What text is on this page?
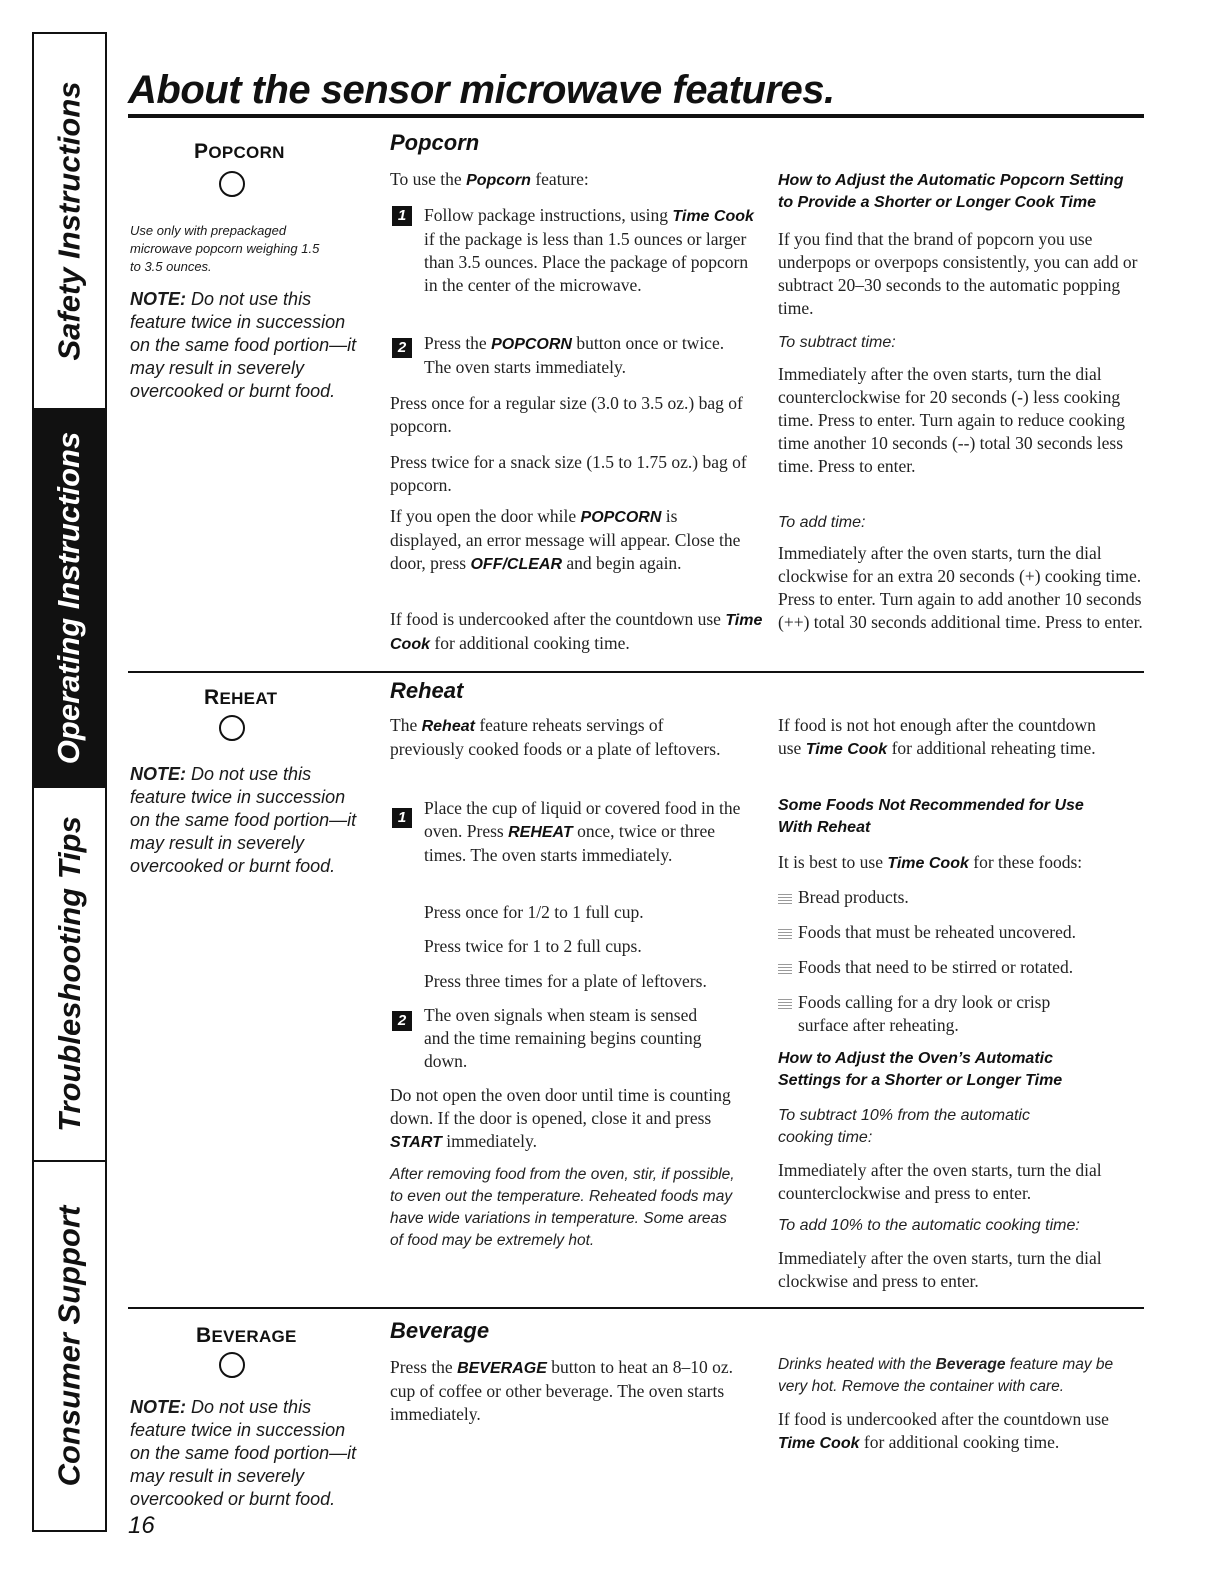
Safety Instructions
Operating Instructions
Troubleshooting Tips
Consumer Support
About the sensor microwave features.
POPCORN
Use only with prepackaged microwave popcorn weighing 1.5 to 3.5 ounces.
NOTE: Do not use this feature twice in succession on the same food portion—it may result in severely overcooked or burnt food.
Popcorn
To use the Popcorn feature:
1	Follow package instructions, using Time Cook if the package is less than 1.5 ounces or larger than 3.5 ounces. Place the package of popcorn in the center of the microwave.
2	Press the POPCORN button once or twice. The oven starts immediately.
Press once for a regular size (3.0 to 3.5 oz.) bag of popcorn.
Press twice for a snack size (1.5 to 1.75 oz.) bag of popcorn.
If you open the door while POPCORN is displayed, an error message will appear. Close the door, press OFF/CLEAR and begin again.
If food is undercooked after the countdown use Time Cook for additional cooking time.
How to Adjust the Automatic Popcorn Setting to Provide a Shorter or Longer Cook Time
If you find that the brand of popcorn you use underpops or overpops consistently, you can add or subtract 20–30 seconds to the automatic popping time.
To subtract time:
Immediately after the oven starts, turn the dial counterclockwise for 20 seconds (-) less cooking time. Press to enter. Turn again to reduce cooking time another 10 seconds (--) total 30 seconds less time. Press to enter.
To add time:
Immediately after the oven starts, turn the dial clockwise for an extra 20 seconds (+) cooking time. Press to enter. Turn again to add another 10 seconds (++) total 30 seconds additional time. Press to enter.
REHEAT
NOTE: Do not use this feature twice in succession on the same food portion—it may result in severely overcooked or burnt food.
Reheat
The Reheat feature reheats servings of previously cooked foods or a plate of leftovers.
1	Place the cup of liquid or covered food in the oven. Press REHEAT once, twice or three times. The oven starts immediately.
Press once for 1/2 to 1 full cup.
Press twice for 1 to 2 full cups.
Press three times for a plate of leftovers.
2	The oven signals when steam is sensed and the time remaining begins counting down.
Do not open the oven door until time is counting down. If the door is opened, close it and press START immediately.
After removing food from the oven, stir, if possible, to even out the temperature. Reheated foods may have wide variations in temperature. Some areas of food may be extremely hot.
If food is not hot enough after the countdown use Time Cook for additional reheating time.
Some Foods Not Recommended for Use With Reheat
It is best to use Time Cook for these foods:
Bread products.
Foods that must be reheated uncovered.
Foods that need to be stirred or rotated.
Foods calling for a dry look or crisp surface after reheating.
How to Adjust the Oven’s Automatic Settings for a Shorter or Longer Time
To subtract 10% from the automatic cooking time:
Immediately after the oven starts, turn the dial counterclockwise and press to enter.
To add 10% to the automatic cooking time:
Immediately after the oven starts, turn the dial clockwise and press to enter.
BEVERAGE
NOTE: Do not use this feature twice in succession on the same food portion—it may result in severely overcooked or burnt food.
Beverage
Press the BEVERAGE button to heat an 8–10 oz. cup of coffee or other beverage. The oven starts immediately.
Drinks heated with the Beverage feature may be very hot. Remove the container with care.
If food is undercooked after the countdown use Time Cook for additional cooking time.
16
